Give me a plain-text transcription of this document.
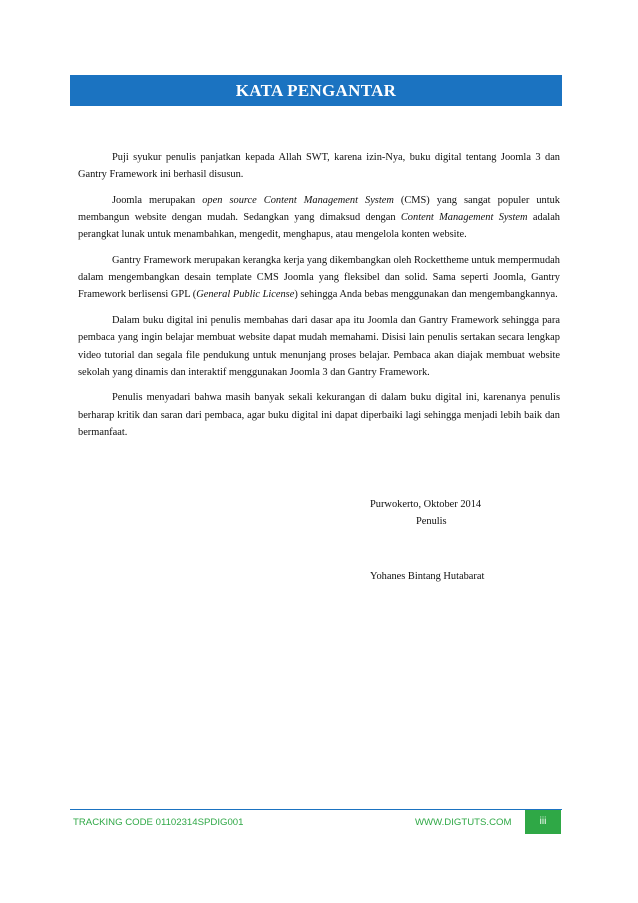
KATA PENGANTAR

Puji syukur penulis panjatkan kepada Allah SWT, karena izin-Nya, buku digital tentang Joomla 3 dan Gantry Framework ini berhasil disusun.

Joomla merupakan open source Content Management System (CMS) yang sangat populer untuk membangun website dengan mudah. Sedangkan yang dimaksud dengan Content Management System adalah perangkat lunak untuk menambahkan, mengedit, menghapus, atau mengelola konten website.

Gantry Framework merupakan kerangka kerja yang dikembangkan oleh Rockettheme untuk mempermudah dalam mengembangkan desain template CMS Joomla yang fleksibel dan solid. Sama seperti Joomla, Gantry Framework berlisensi GPL (General Public License) sehingga Anda bebas menggunakan dan mengembangkannya.

Dalam buku digital ini penulis membahas dari dasar apa itu Joomla dan Gantry Framework sehingga para pembaca yang ingin belajar membuat website dapat mudah memahami. Disisi lain penulis sertakan secara lengkap video tutorial dan segala file pendukung untuk menunjang proses belajar. Pembaca akan diajak membuat website sekolah yang dinamis dan interaktif menggunakan Joomla 3 dan Gantry Framework.

Penulis menyadari bahwa masih banyak sekali kekurangan di dalam buku digital ini, karenanya penulis berharap kritik dan saran dari pembaca, agar buku digital ini dapat diperbaiki lagi sehingga menjadi lebih baik dan bermanfaat.

Purwokerto, Oktober 2014
Penulis
Yohanes Bintang Hutabarat
TRACKING CODE 01102314SPDIG001	WWW.DIGTUTS.COM	iii
